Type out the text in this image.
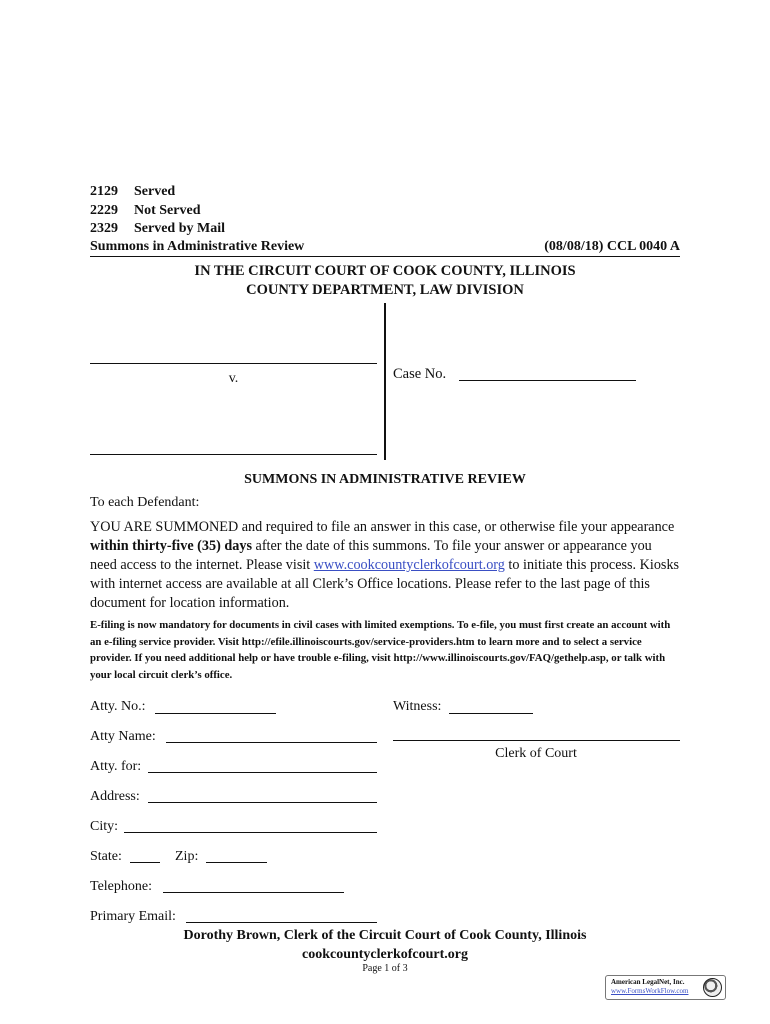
2129 Served
2229 Not Served
2329 Served by Mail
Summons in Administrative Review	(08/08/18) CCL 0040 A
IN THE CIRCUIT COURT OF COOK COUNTY, ILLINOIS
COUNTY DEPARTMENT, LAW DIVISION
v.	Case No.
SUMMONS IN ADMINISTRATIVE REVIEW
To each Defendant:
YOU ARE SUMMONED and required to file an answer in this case, or otherwise file your appearance within thirty-five (35) days after the date of this summons. To file your answer or appearance you need access to the internet. Please visit www.cookcountyclerkofcourt.org to initiate this process. Kiosks with internet access are available at all Clerk’s Office locations. Please refer to the last page of this document for location information.
E-filing is now mandatory for documents in civil cases with limited exemptions. To e-file, you must first create an account with an e-filing service provider. Visit http://efile.illinoiscourts.gov/service-providers.htm to learn more and to select a service provider. If you need additional help or have trouble e-filing, visit http://www.illinoiscourts.gov/FAQ/gethelp.asp, or talk with your local circuit clerk’s office.
Atty. No.:	Witness:
Atty Name:
Clerk of Court
Atty. for:
Address:
City:
State:	Zip:
Telephone:
Primary Email:
Dorothy Brown, Clerk of the Circuit Court of Cook County, Illinois
cookcountyclerkofcourt.org
Page 1 of 3
American LegalNet, Inc.
www.FormsWorkFlow.com
